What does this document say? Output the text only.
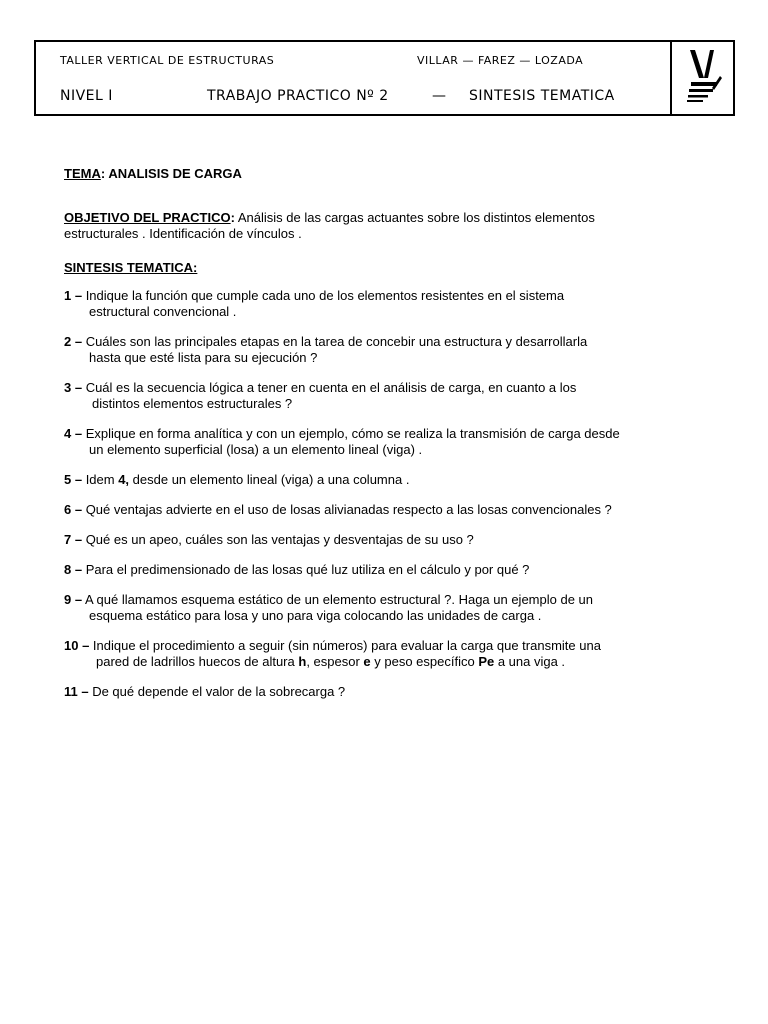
TALLER VERTICAL DE ESTRUCTURAS	VILLAR — FAREZ — LOZADA
NIVEL I	TRABAJO PRACTICO Nº 2	— SINTESIS TEMATICA
TEMA: ANALISIS DE CARGA
OBJETIVO DEL PRACTICO: Análisis de las cargas actuantes sobre los distintos elementos
estructurales . Identificación de vínculos .
SINTESIS TEMATICA:
1 – Indique la función que cumple cada uno de los elementos resistentes en el sistema
estructural convencional .
2 – Cuáles son las principales etapas en la tarea de concebir una estructura y desarrollarla
hasta que esté lista para su ejecución ?
3 – Cuál es la secuencia lógica a tener en cuenta en el análisis de carga, en cuanto a los
distintos elementos estructurales ?
4 – Explique en forma analítica y con un ejemplo, cómo se realiza la transmisión de carga desde
un elemento superficial (losa) a un elemento lineal (viga) .
5 – Idem 4, desde un elemento lineal (viga) a una columna .
6 – Qué ventajas advierte en el uso de losas alivianadas respecto a las losas convencionales ?
7 – Qué es un apeo, cuáles son las ventajas y desventajas de su uso ?
8 – Para el predimensionado de las losas qué luz utiliza en el cálculo y por qué ?
9 – A qué llamamos esquema estático de un elemento estructural ?. Haga un ejemplo de un
esquema estático para losa y uno para viga colocando las unidades de carga .
10 – Indique el procedimiento a seguir (sin números) para evaluar la carga que transmite una
pared de ladrillos huecos de altura h, espesor e y peso específico Pe a una viga .
11 – De qué depende el valor de la sobrecarga ?
